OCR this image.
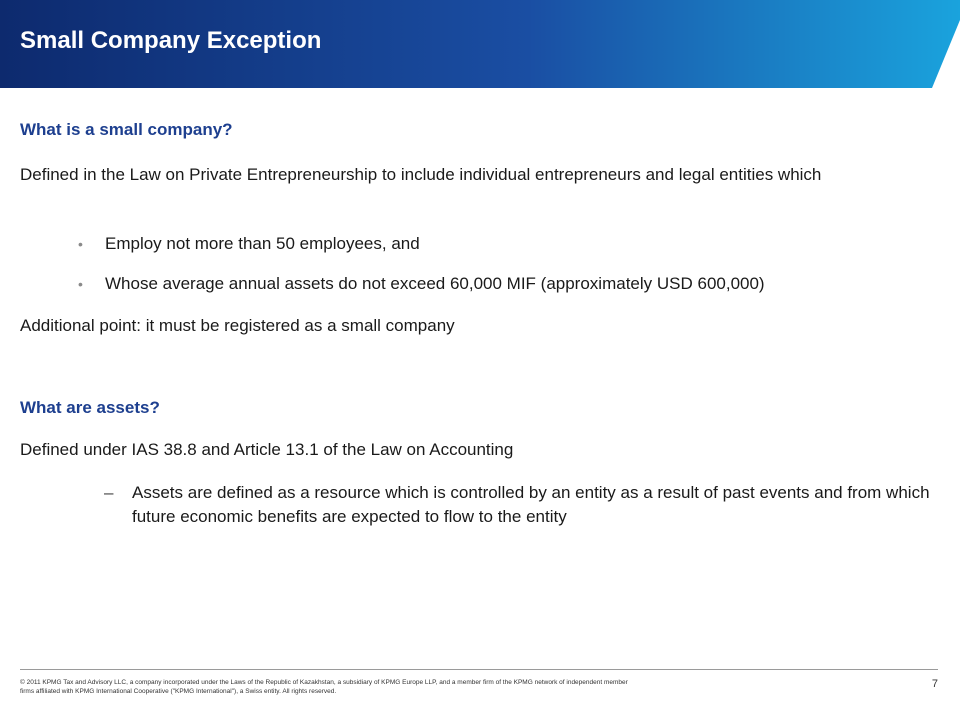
Small Company Exception
What is a small company?
Defined in the Law on Private Entrepreneurship to include individual entrepreneurs and legal entities which
• Employ not more than 50 employees, and
• Whose average annual assets do not exceed 60,000 MIF (approximately USD 600,000)
Additional point: it must be registered as a small company
What are assets?
Defined under IAS 38.8 and Article 13.1 of the Law on Accounting
– Assets are defined as a resource which is controlled by an entity as a result of past events and from which future economic benefits are expected to flow to the entity
© 2011 KPMG Tax and Advisory LLC, a company incorporated under the Laws of the Republic of Kazakhstan, a subsidiary of KPMG Europe LLP, and a member firm of the KPMG network of independent member firms affiliated with KPMG International Cooperative ("KPMG International"), a Swiss entity. All rights reserved.
7
